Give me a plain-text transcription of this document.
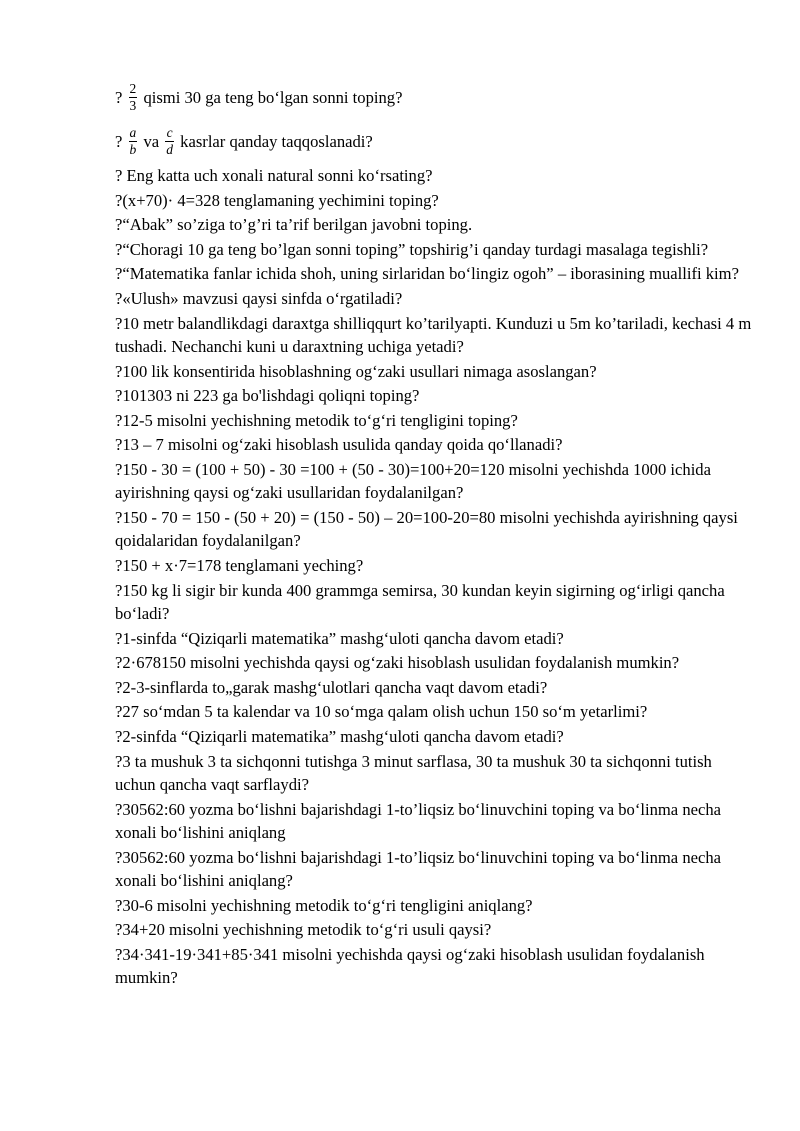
? $\frac{2}{3}$ qismi 30 ga teng bo‘lgan sonni toping?
? $\frac{a}{b}$ va $\frac{c}{d}$ kasrlar qanday taqqoslanadi?
? Eng katta uch xonali natural sonni ko‘rsating?
?(x+70)· 4=328 tenglamaning yechimini toping?
?“Abak” so’ziga to’g’ri ta’rif berilgan javobni toping.
?“Choragi 10 ga teng bo’lgan sonni toping” topshirig’i qanday turdagi masalaga tegishli?
?“Matematika fanlar ichida shoh, uning sirlaridan bo‘lingiz ogoh” – iborasining muallifi kim?
?«Ulush» mavzusi qaysi sinfda o‘rgatiladi?
?10 metr balandlikdagi daraxtga shilliqqurt ko’tarilyapti. Kunduzi u 5m ko’tariladi, kechasi 4 m tushadi. Nechanchi kuni u daraxtning uchiga yetadi?
?100 lik konsentirida hisoblashning og‘zaki usullari nimaga asoslangan?
?101303 ni 223 ga bo'lishdagi qoliqni toping?
?12-5 misolni yechishning metodik to‘g‘ri tengligini toping?
?13 – 7 misolni og‘zaki hisoblash usulida qanday qoida qo‘llanadi?
?150 - 30 = (100 + 50) - 30 =100 + (50 - 30)=100+20=120 misolni yechishda 1000 ichida ayirishning qaysi og‘zaki usullaridan foydalanilgan?
?150 - 70 = 150 - (50 + 20) = (150 - 50) – 20=100-20=80 misolni yechishda ayirishning qaysi qoidalaridan foydalanilgan?
?150 + x·7=178 tenglamani yeching?
?150 kg li sigir bir kunda 400 grammga semirsa, 30 kundan keyin sigirning og‘irligi qancha bo‘ladi?
?1-sinfda “Qiziqarli matematika” mashg‘uloti qancha davom etadi?
?2·678150 misolni yechishda qaysi og‘zaki hisoblash usulidan foydalanish mumkin?
?2-3-sinflarda to„garak mashg‘ulotlari qancha vaqt davom etadi?
?27 so‘mdan 5 ta kalendar va 10 so‘mga qalam olish uchun 150 so‘m yetarlimi?
?2-sinfda “Qiziqarli matematika” mashg‘uloti qancha davom etadi?
?3 ta mushuk 3 ta sichqonni tutishga 3 minut sarflasa, 30 ta mushuk 30 ta sichqonni tutish uchun qancha vaqt sarflaydi?
?30562:60 yozma bo‘lishni bajarishdagi 1-to’liqsiz bo‘linuvchini toping va bo‘linma necha xonali bo‘lishini aniqlang
?30562:60 yozma bo‘lishni bajarishdagi 1-to’liqsiz bo‘linuvchini toping va bo‘linma necha xonali bo‘lishini aniqlang?
?30-6 misolni yechishning metodik to‘g‘ri tengligini aniqlang?
?34+20 misolni yechishning metodik to‘g‘ri usuli qaysi?
?34·341-19·341+85·341 misolni yechishda qaysi og‘zaki hisoblash usulidan foydalanish mumkin?
